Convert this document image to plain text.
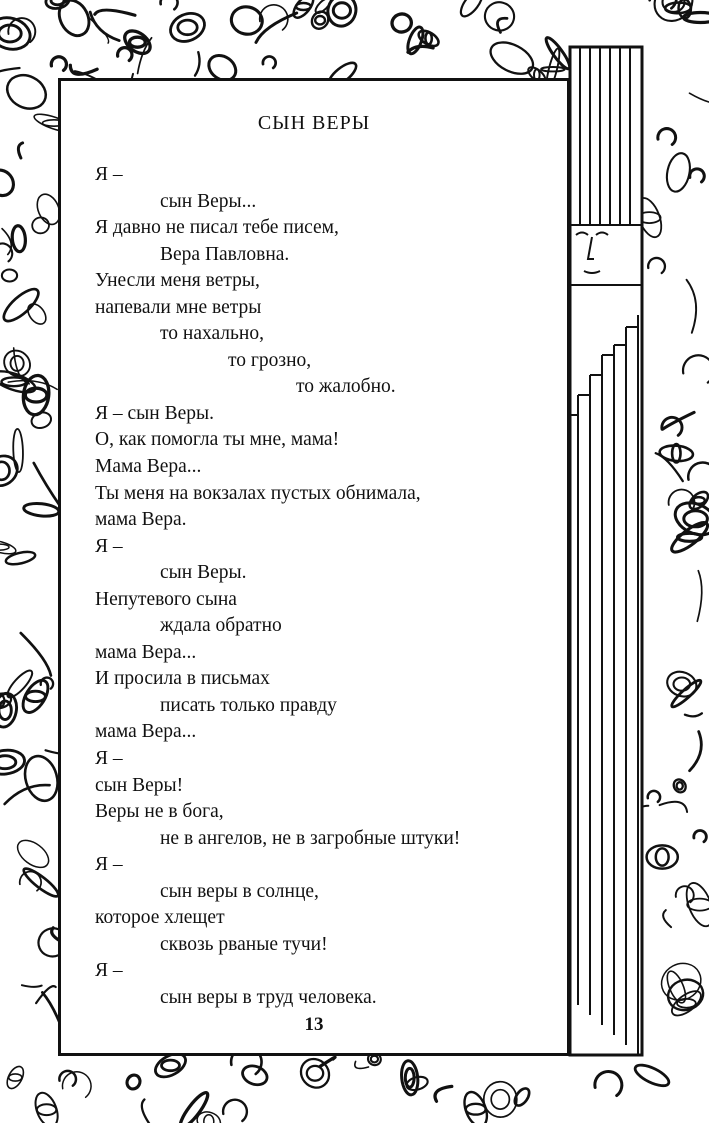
СЫН ВЕРЫ
Я –
сын Веры...
Я давно не писал тебе писем,
Вера Павловна.
Унесли меня ветры,
напевали мне ветры
то нахально,
то грозно,
то жалобно.
Я – сын Веры.
О, как помогла ты мне, мама!
Мама Вера...
Ты меня на вокзалах пустых обнимала,
мама Вера.
Я –
сын Веры.
Непутевого сына
ждала обратно
мама Вера...
И просила в письмах
писать только правду
мама Вера...
Я –
сын Веры!
Веры не в бога,
не в ангелов, не в загробные штуки!
Я –
сын веры в солнце,
которое хлещет
сквозь рваные тучи!
Я –
сын веры в труд человека.
13
